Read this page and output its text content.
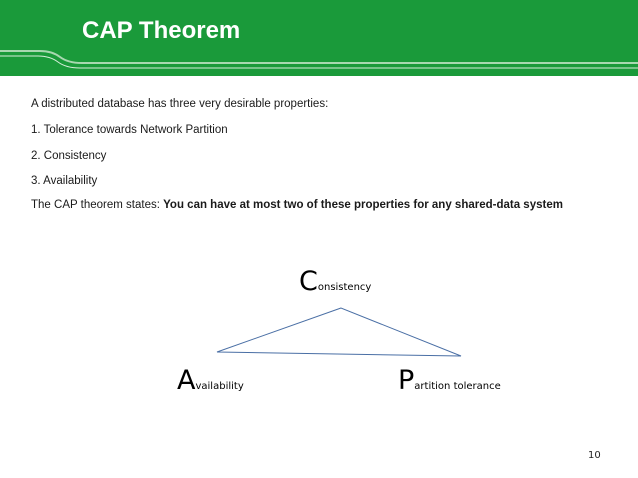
CAP Theorem
A distributed database has three very desirable properties:
1. Tolerance towards Network Partition
2. Consistency
3. Availability
The CAP theorem states: You can have at most two of these properties for any shared-data system
Consistency
Availability	Partition tolerance
10
